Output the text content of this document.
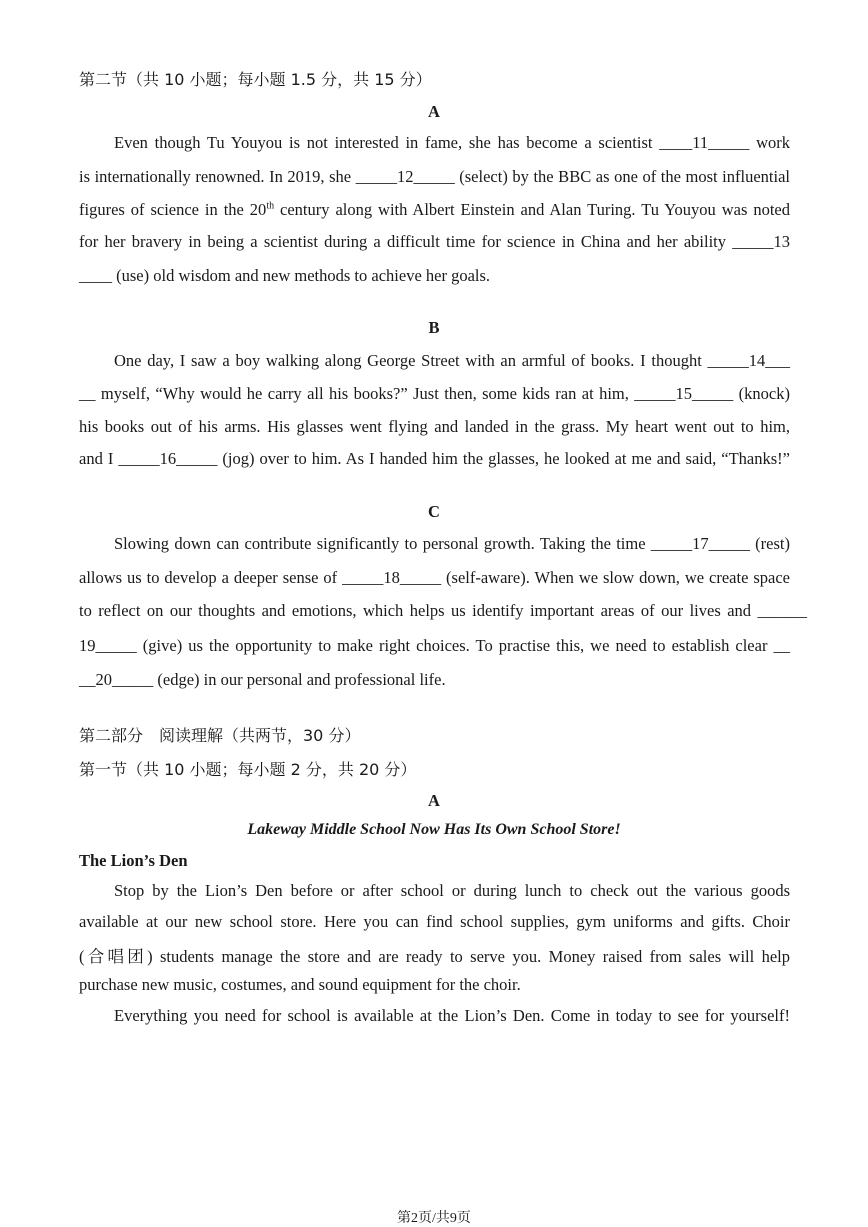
第二节（共 10 小题；每小题 1.5 分，共 15 分）
A
Even though Tu Youyou is not interested in fame, she has become a scientist ____11_____ work
is internationally renowned. In 2019, she _____12_____ (select) by the BBC as one of the most influential
figures of science in the 20th century along with Albert Einstein and Alan Turing. Tu Youyou was noted
for her bravery in being a scientist during a difficult time for science in China and her ability _____13
____ (use) old wisdom and new methods to achieve her goals.
B
One day, I saw a boy walking along George Street with an armful of books. I thought _____14___
__ myself, “Why would he carry all his books?” Just then, some kids ran at him, _____15_____ (knock)
his books out of his arms. His glasses went flying and landed in the grass. My heart went out to him,
and I _____16_____ (jog) over to him. As I handed him the glasses, he looked at me and said, “Thanks!”
C
Slowing down can contribute significantly to personal growth. Taking the time _____17_____ (rest)
allows us to develop a deeper sense of _____18_____ (self-aware). When we slow down, we create space
to reflect on our thoughts and emotions, which helps us identify important areas of our lives and ______
19_____ (give) us the opportunity to make right choices. To practise this, we need to establish clear __
__20_____ (edge) in our personal and professional life.
第二部分　阅读理解（共两节，30 分）
第一节（共 10 小题；每小题 2 分，共 20 分）
A
Lakeway Middle School Now Has Its Own School Store!
The Lion’s Den
Stop by the Lion’s Den before or after school or during lunch to check out the various goods
available at our new school store. Here you can find school supplies, gym uniforms and gifts. Choir
(合唱团) students manage the store and are ready to serve you. Money raised from sales will help
purchase new music, costumes, and sound equipment for the choir.
Everything you need for school is available at the Lion’s Den. Come in today to see for yourself!
第2页/共9页
